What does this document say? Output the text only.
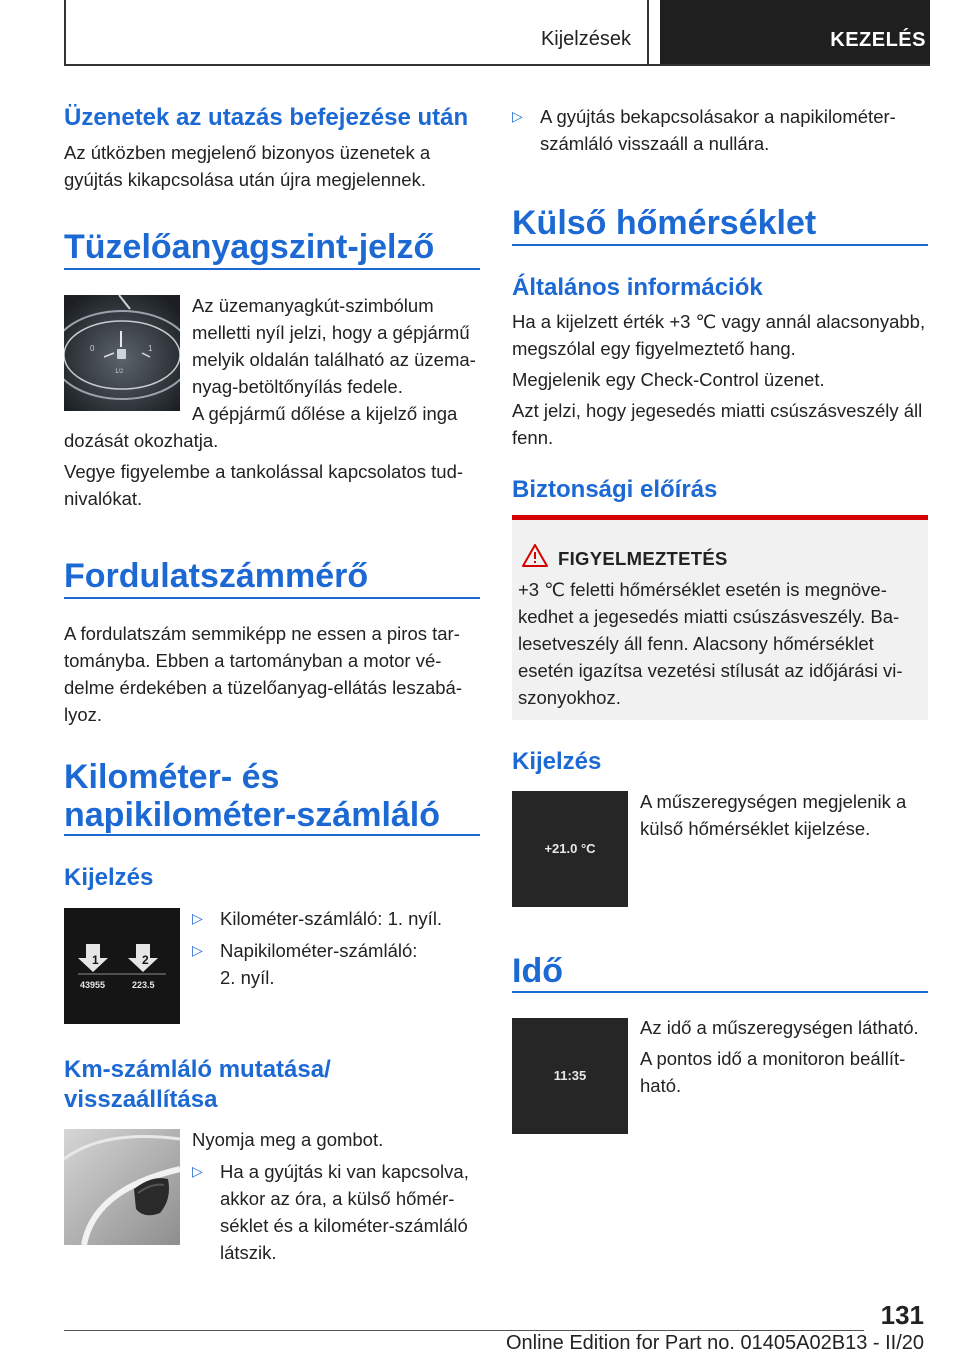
Kijelzések	KEZELÉS
Üzenetek az utazás befejezése után

Az útközben megjelenő bizonyos üzenetek a gyújtás kikapcsolása után újra megjelennek.

Tüzelőanyagszint-jelző
0	1
1/2

Az üzemanyagkút-szimbólum melletti nyíl jelzi, hogy a gépjármű melyik oldalán található az üzemanyag-betöltőnyílás fedele.

A gépjármű dőlése a kijelző inga

dozását okozhatja.

Vegye figyelembe a tankolással kapcsolatos tudnivalókat.

Fordulatszámmérő

A fordulatszám semmiképp ne essen a piros tartományba. Ebben a tartományban a motor védelme érdekében a tüzelőanyag-ellátás leszabályoz.

Kilométer- és
napikilométer-számláló
Kijelzés
1	2
43955	223.5
▷ Kilométer-számláló: 1. nyíl.
▷ Napikilométer-számláló: 2. nyíl.
Km-számláló mutatása/
visszaállítása

Nyomja meg a gombot.

▷ Ha a gyújtás ki van kapcsolva, akkor az óra, a külső hőmérséklet és a kilométer-számláló látszik.
▷ A gyújtás bekapcsolásakor a napikilométer-számláló visszaáll a nullára.
Külső hőmérséklet
Általános információk

Ha a kijelzett érték +3 ℃ vagy annál alacsonyabb, megszólal egy figyelmeztető hang.

Megjelenik egy Check-Control üzenet.

Azt jelzi, hogy jegesedés miatti csúszásveszély áll fenn.

Biztonsági előírás
FIGYELMEZTETÉS

+3 ℃ feletti hőmérséklet esetén is megnövekedhet a jegesedés miatti csúszásveszély. Balesetveszély áll fenn. Alacsony hőmérséklet esetén igazítsa vezetési stílusát az időjárási viszonyokhoz.

Kijelzés
+21.0 °C

A műszeregységen megjelenik a külső hőmérséklet kijelzése.

Idő
11:35

Az idő a műszeregységen látható.

A pontos idő a monitoron beállítható.

131
Online Edition for Part no. 01405A02B13 - II/20
